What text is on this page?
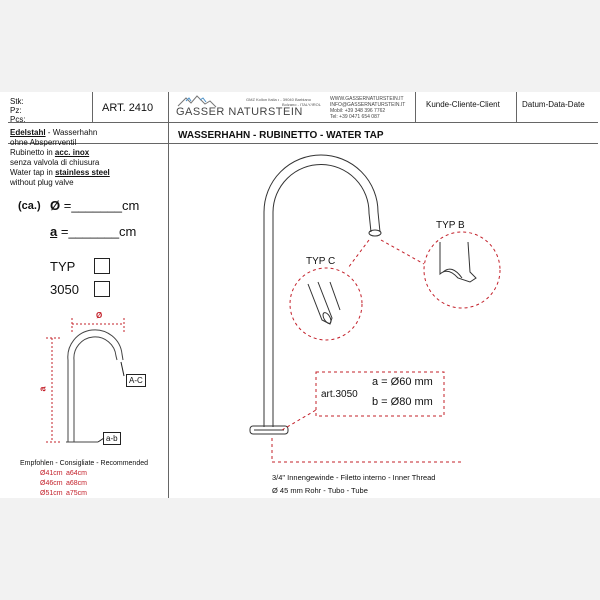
Stk:
Pz:
Pcs:
ART. 2410 GASSER NATURSTEIN
GMZ Kollon Italia • - 39040 Barbiano
Bolzano - ITALY/IROL
WWW.GASSERNATURSTEIN.IT
INFO@GASSERNATURSTEIN.IT
Mobil: +39 348 396 7762
Tel: +39 0471 654 087
Kunde-Cliente-Client	Datum-Data-Date
WASSERHAHN - RUBINETTO - WATER TAP
Edelstahl - Wasserhahn
ohne Absperrventil
Rubinetto in acc. inox
senza valvola di chiusura
Water tap in stainless steel
without plug valve
(ca.) Ø =_______cm
a =_______cm
TYP
3050
Ø
a
A-C
a-b
Empfohlen - Consigliate - Recommended
Ø41cm a64cm
Ø46cm a68cm
Ø51cm a75cm
TYP B
TYP C
art.3050
a = Ø60 mm
b = Ø80 mm
3/4" Innengewinde - Filetto interno - Inner Thread
Ø 45 mm Rohr - Tubo - Tube
